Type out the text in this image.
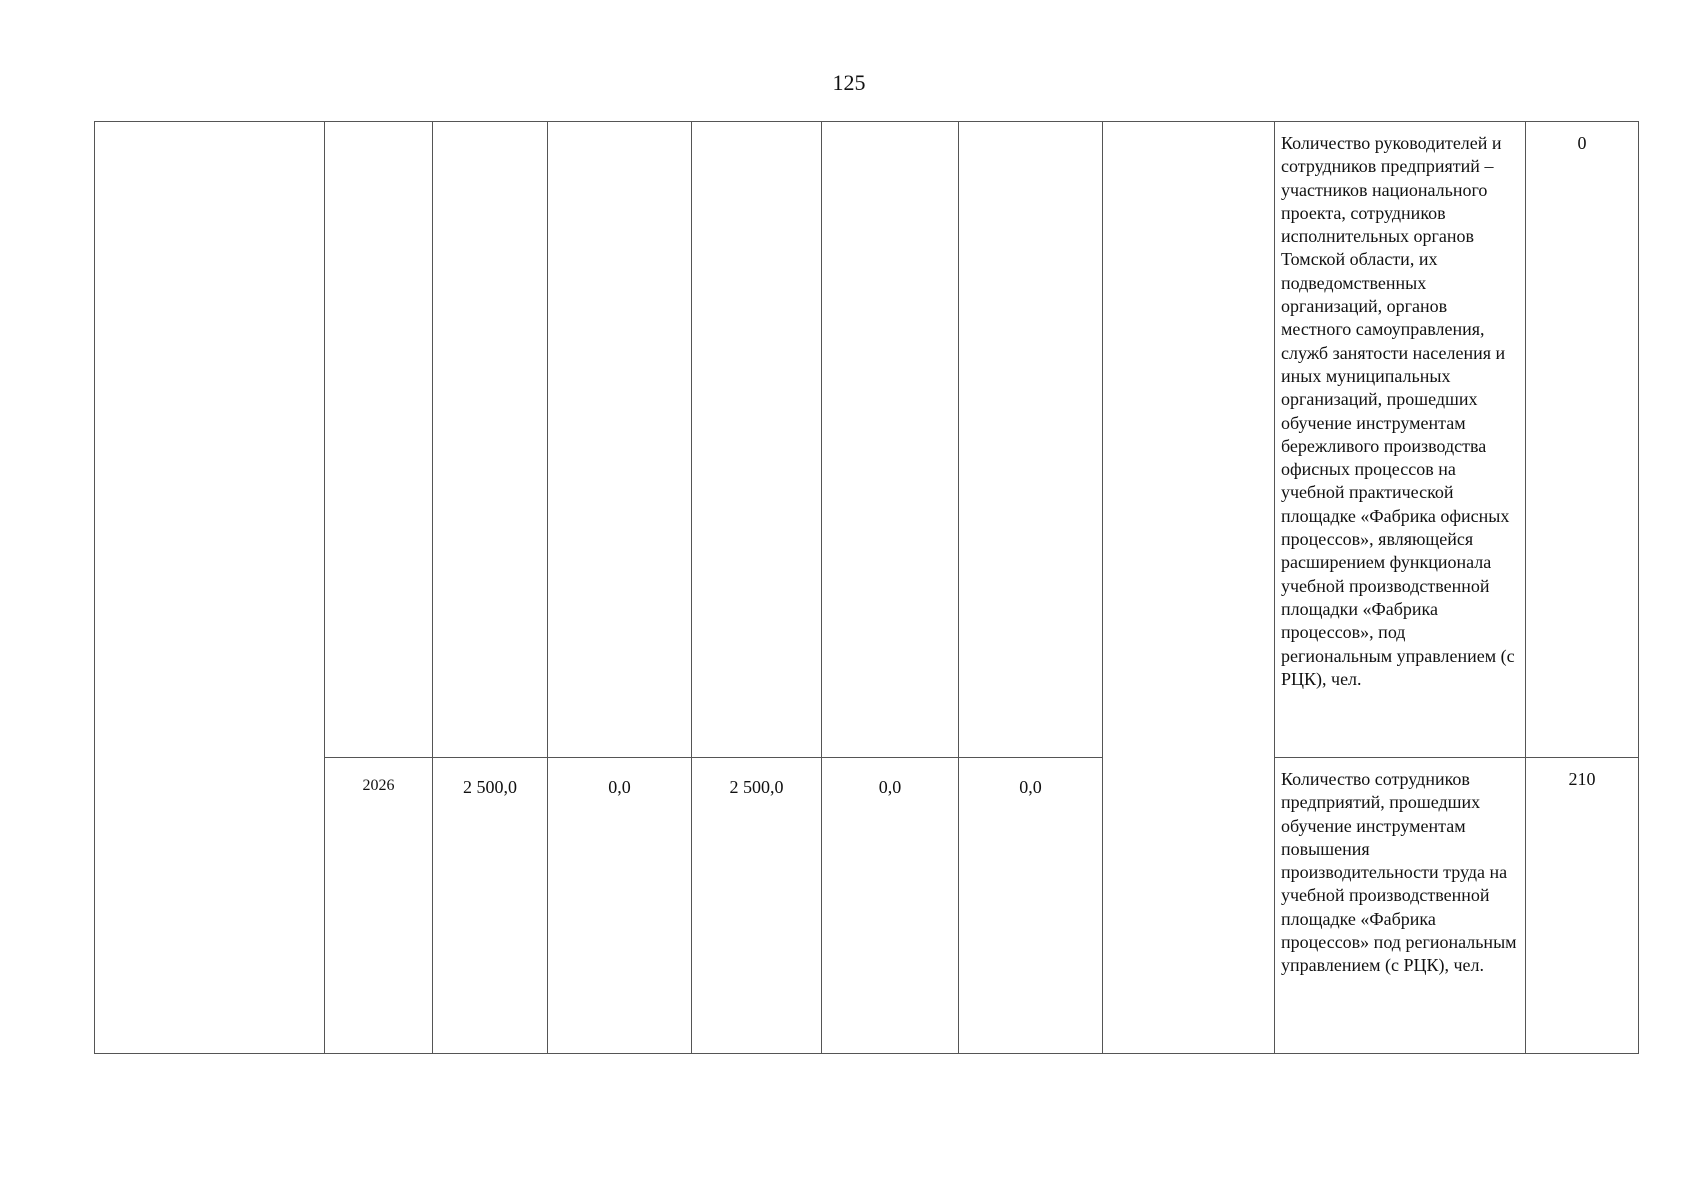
125
								Количество руководителей и сотрудников предприятий – участников национального проекта, сотрудников исполнительных органов Томской области, их подведомственных организаций, органов местного самоуправления, служб занятости населения и иных муниципальных организаций, прошедших обучение инструментам бережливого производства офисных процессов на учебной практической площадке «Фабрика офисных процессов», являющейся расширением функционала учебной производственной площадки «Фабрика процессов», под региональным управлением (с РЦК), чел.	0
	2026	2 500,0	0,0	2 500,0	0,0	0,0		Количество сотрудников предприятий, прошедших обучение инструментам повышения производительности труда на учебной производственной площадке «Фабрика процессов» под региональным управлением (с РЦК), чел.	210
